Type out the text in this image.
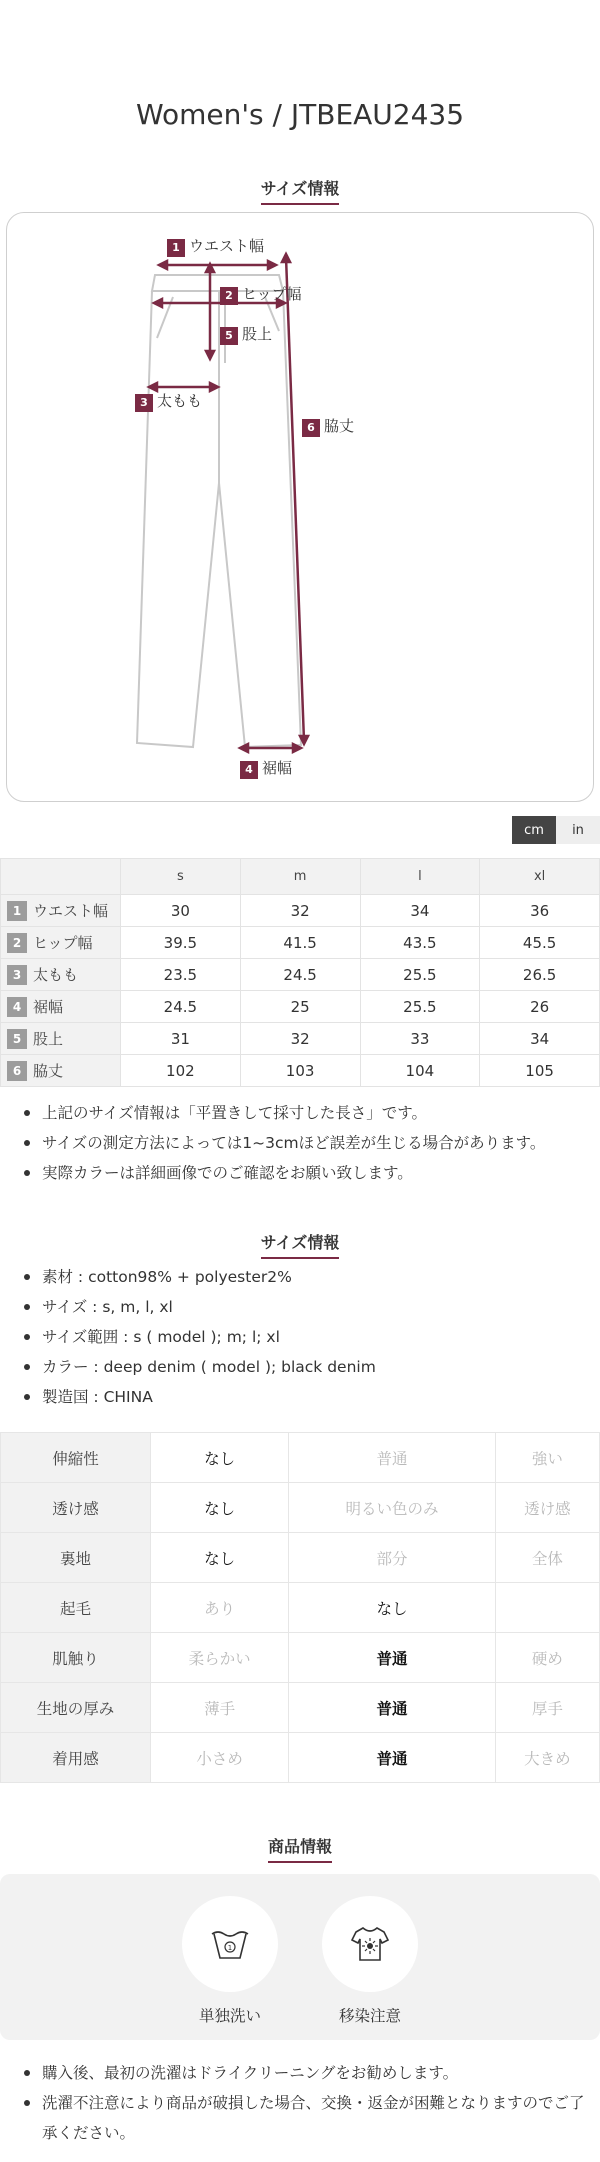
Women's / JTBEAU2435
サイズ情報
1 ウエスト幅
2 ヒップ幅
5 股上
3 太もも
6 脇丈
4 裾幅
cm	in
	s	m	l	xl
1 ウエスト幅	30	32	34	36
2 ヒップ幅	39.5	41.5	43.5	45.5
3 太もも	23.5	24.5	25.5	26.5
4 裾幅	24.5	25	25.5	26
5 股上	31	32	33	34
6 脇丈	102	103	104	105
上記のサイズ情報は「平置きして採寸した長さ」です。
サイズの測定方法によっては1~3cmほど誤差が生じる場合があります。
実際カラーは詳細画像でのご確認をお願い致します。
サイズ情報
素材 : cotton98% + polyester2%
サイズ : s, m, l, xl
サイズ範囲 : s ( model ); m; l; xl
カラー : deep denim ( model ); black denim
製造国 : CHINA
伸縮性	なし	普通	強い
透け感	なし	明るい色のみ	透け感
裏地	なし	部分	全体
起毛	あり	なし	
肌触り	柔らかい	普通	硬め
生地の厚み	薄手	普通	厚手
着用感	小さめ	普通	大きめ
商品情報
1
単独洗い	移染注意
購入後、最初の洗濯はドライクリーニングをお勧めします。
洗濯不注意により商品が破損した場合、交換・返金が困難となりますのでご了承ください。
